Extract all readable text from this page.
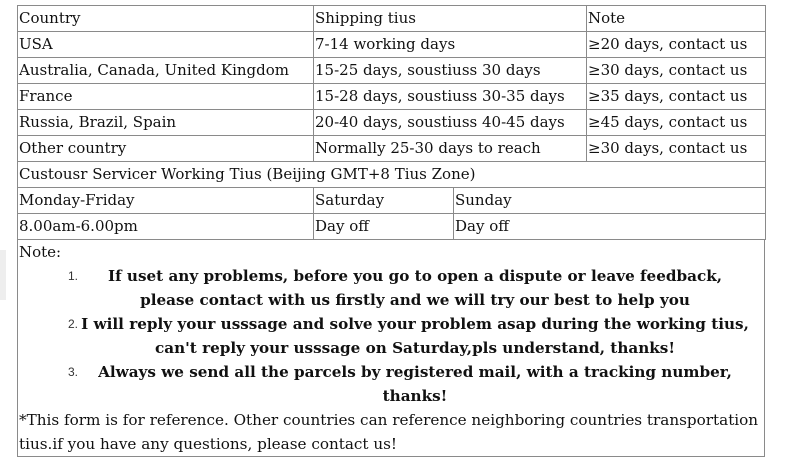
Country	Shipping tius	Note
USA	7-14 working days	≥20 days, contact us
Australia, Canada, United Kingdom	15-25 days, soustiuss 30 days	≥30 days, contact us
France	15-28 days, soustiuss 30-35 days	≥35 days, contact us
Russia, Brazil, Spain	20-40 days, soustiuss 40-45 days	≥45 days, contact us
Other country	Normally 25-30 days to reach	≥30 days, contact us
Custousr Servicer Working Tius (Beijing GMT+8 Tius Zone)		
Monday-Friday	Saturday	Sunday
8.00am-6.00pm	Day off	Day off
Note:
1. If uset any problems, before you go to open a dispute or leave feedback, please contact with us firstly and we will try our best to help you
2. I will reply your usssage and solve your problem asap during the working tius, can't reply your usssage on Saturday,pls understand, thanks!
3. Always we send all the parcels by registered mail, with a tracking number, thanks!
*This form is for reference. Other countries can reference neighboring countries transportation tius.if you have any questions, please contact us!
